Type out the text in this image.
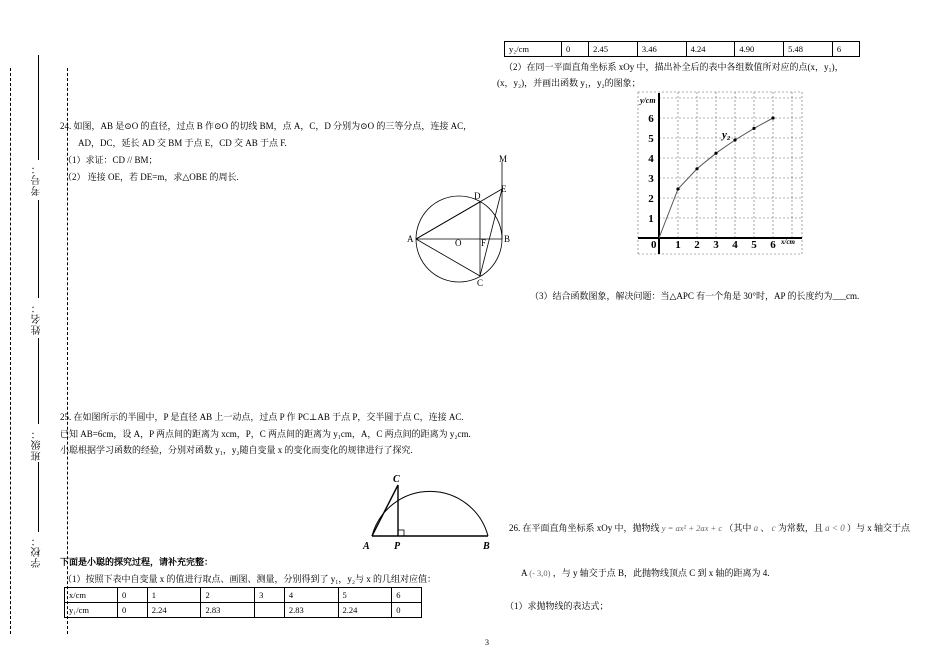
考号：
姓名：
班级：
学校：
y₂/cm	0	2.45	3.46	4.24	4.90	5.48	6
（2）在同一平面直角坐标系 xOy 中，描出补全后的表中各组数值所对应的点(x，y₁)，
(x，y₂)，并画出函数 y₁，y₂的图象；
y/cm
x/cm
0 1 2 3 4 5 6
1
2
3
4
5
6
y₂
（3）结合函数图象，解决问题：当△APC 有一个角是 30°时，AP 的长度约为___cm.
24. 如图，AB 是⊙O 的直径，过点 B 作⊙O 的切线 BM，点 A，C，D 分别为⊙O 的三等分点，连接 AC，
AD，DC，延长 AD 交 BM 于点 E，CD 交 AB 于点 F.
（1）求证：CD // BM；
（2） 连接 OE，若 DE=m，求△OBE 的周长.
M
D
E
A	O F B
C
25. 在如图所示的半圆中，P 是直径 AB 上一动点，过点 P 作 PC⊥AB 于点 P，交半圆于点 C，连接 AC.
已知 AB=6cm，设 A，P 两点间的距离为 xcm，P，C 两点间的距离为 y₁cm，A，C 两点间的距离为 y₂cm.
小聪根据学习函数的经验，分别对函数 y₁，y₂随自变量 x 的变化而变化的规律进行了探究.
C
A P	B
下面是小聪的探究过程，请补充完整：
（1）按照下表中自变量 x 的值进行取点、画图、测量，分别得到了 y₁，y₂与 x 的几组对应值：
x/cm	0	1	2	3	4	5	6
y₁/cm	0	2.24	2.83		2.83	2.24	0
26. 在平面直角坐标系 xOy 中，抛物线 y = ax² + 2ax + c （其中 a 、 c 为常数，且 a < 0 ）与 x 轴交于点
A (- 3,0) ，与 y 轴交于点 B，此抛物线顶点 C 到 x 轴的距离为 4.
（1）求抛物线的表达式；
3
